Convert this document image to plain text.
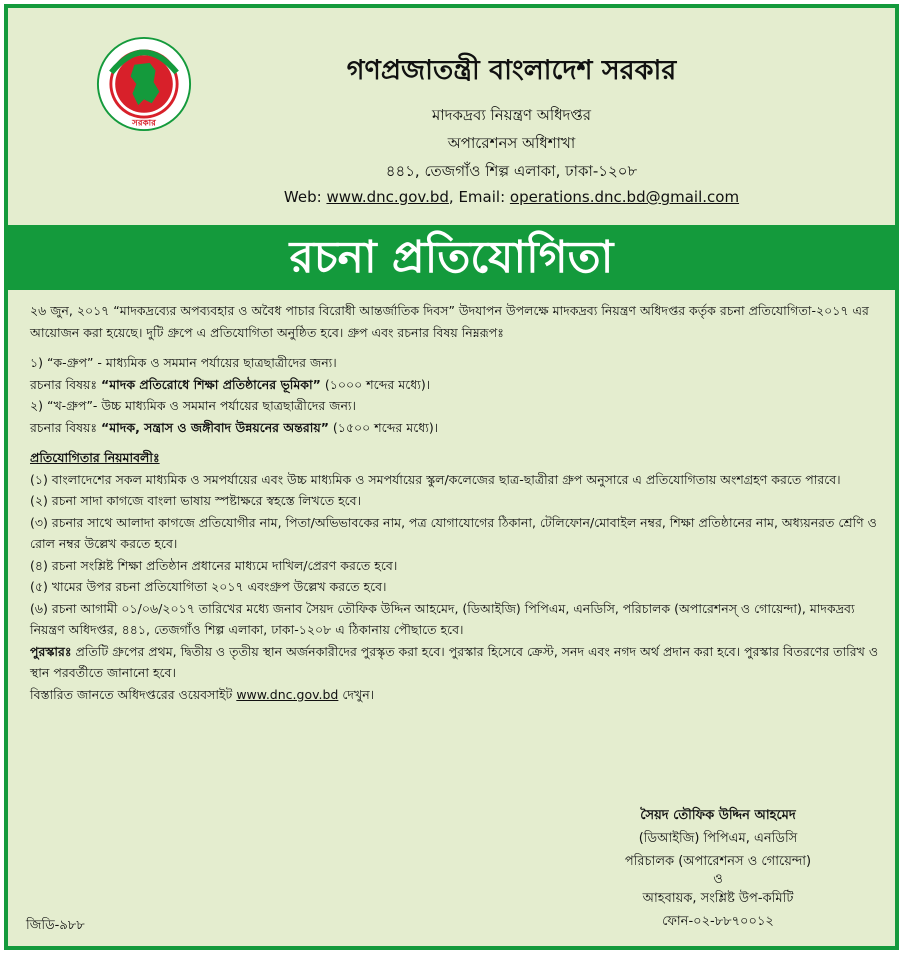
সরকার
গণপ্রজাতন্ত্রী বাংলাদেশ সরকার
মাদকদ্রব্য নিয়ন্ত্রণ অধিদপ্তর
অপারেশনস অধিশাখা
৪৪১, তেজগাঁও শিল্প এলাকা, ঢাকা-১২০৮
Web: www.dnc.gov.bd, Email: operations.dnc.bd@gmail.com
রচনা প্রতিযোগিতা

২৬ জুন, ২০১৭ “মাদকদ্রব্যের অপব্যবহার ও অবৈধ পাচার বিরোধী আন্তর্জাতিক দিবস” উদযাপন উপলক্ষে মাদকদ্রব্য নিয়ন্ত্রণ অধিদপ্তর কর্তৃক রচনা প্রতিযোগিতা-২০১৭ এর আয়োজন করা হয়েছে। দুটি গ্রুপে এ প্রতিযোগিতা অনুষ্ঠিত হবে। গ্রুপ এবং রচনার বিষয় নিম্নরূপঃ

১) “ক-গ্রুপ” - মাধ্যমিক ও সমমান পর্যায়ের ছাত্রছাত্রীদের জন্য।

রচনার বিষয়ঃ “মাদক প্রতিরোধে শিক্ষা প্রতিষ্ঠানের ভূমিকা” (১০০০ শব্দের মধ্যে)।

২) “খ-গ্রুপ”- উচ্চ মাধ্যমিক ও সমমান পর্যায়ের ছাত্রছাত্রীদের জন্য।

রচনার বিষয়ঃ “মাদক, সন্ত্রাস ও জঙ্গীবাদ উন্নয়নের অন্তরায়” (১৫০০ শব্দের মধ্যে)।

প্রতিযোগিতার নিয়মাবলীঃ

(১) বাংলাদেশের সকল মাধ্যমিক ও সমপর্যায়ের এবং উচ্চ মাধ্যমিক ও সমপর্যায়ের স্কুল/কলেজের ছাত্র-ছাত্রীরা গ্রুপ অনুসারে এ প্রতিযোগিতায় অংশগ্রহণ করতে পারবে।

(২) রচনা সাদা কাগজে বাংলা ভাষায় স্পষ্টাক্ষরে স্বহস্তে লিখতে হবে।

(৩) রচনার সাথে আলাদা কাগজে প্রতিযোগীর নাম, পিতা/অভিভাবকের নাম, পত্র যোগাযোগের ঠিকানা, টেলিফোন/মোবাইল নম্বর, শিক্ষা প্রতিষ্ঠানের নাম, অধ্যয়নরত শ্রেণি ও রোল নম্বর উল্লেখ করতে হবে।

(৪) রচনা সংশ্লিষ্ট শিক্ষা প্রতিষ্ঠান প্রধানের মাধ্যমে দাখিল/প্রেরণ করতে হবে।

(৫) খামের উপর রচনা প্রতিযোগিতা ২০১৭ এবংগ্রুপ উল্লেখ করতে হবে।

(৬) রচনা আগামী ০১/০৬/২০১৭ তারিখের মধ্যে জনাব সৈয়দ তৌফিক উদ্দিন আহমেদ, (ডিআইজি) পিপিএম, এনডিসি, পরিচালক (অপারেশনস্ ও গোয়েন্দা), মাদকদ্রব্য নিয়ন্ত্রণ অধিদপ্তর, ৪৪১, তেজগাঁও শিল্প এলাকা, ঢাকা-১২০৮ এ ঠিকানায় পৌছাতে হবে।

পুরস্কারঃ প্রতিটি গ্রুপের প্রথম, দ্বিতীয় ও তৃতীয় স্থান অর্জনকারীদের পুরস্কৃত করা হবে। পুরস্কার হিসেবে ক্রেস্ট, সনদ এবং নগদ অর্থ প্রদান করা হবে। পুরস্কার বিতরণের তারিখ ও স্থান পরবর্তীতে জানানো হবে।

বিস্তারিত জানতে অধিদপ্তরের ওয়েবসাইট www.dnc.gov.bd দেখুন।

সৈয়দ তৌফিক উদ্দিন আহমেদ
(ডিআইজি) পিপিএম, এনডিসি
পরিচালক (অপারেশনস ও গোয়েন্দা)
ও
আহবায়ক, সংশ্লিষ্ট উপ-কমিটি
ফোন-০২-৮৮৭০০১২
জিডি-৯৮৮
